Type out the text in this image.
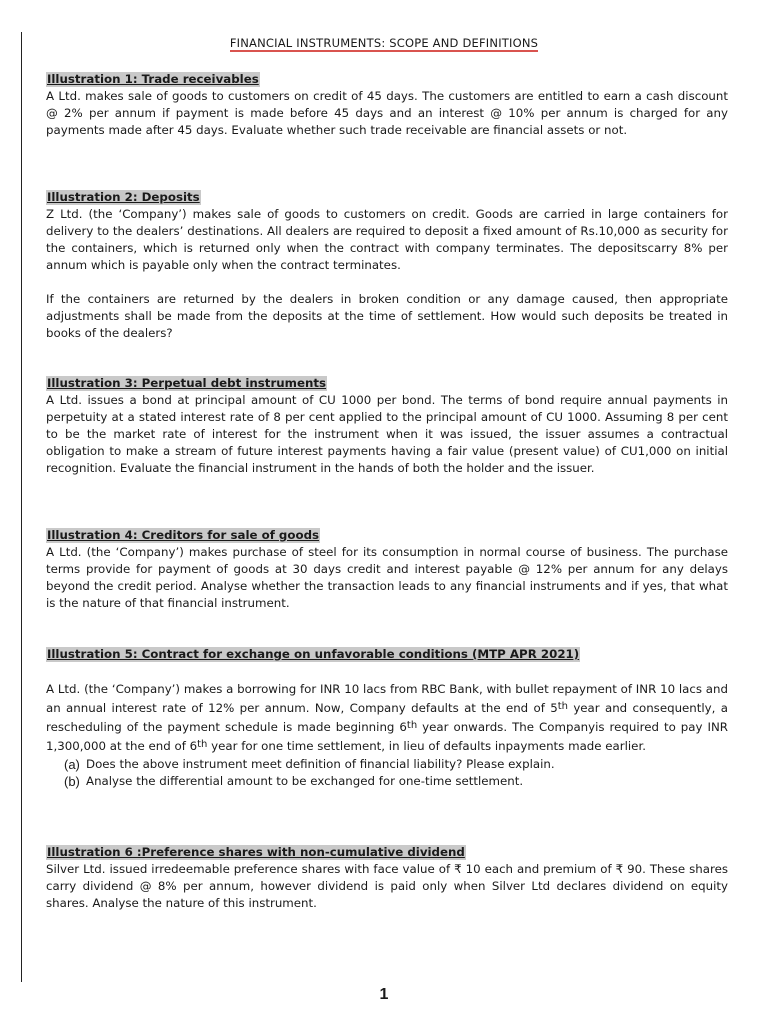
FINANCIAL INSTRUMENTS: SCOPE AND DEFINITIONS
Illustration 1: Trade receivables

A Ltd. makes sale of goods to customers on credit of 45 days. The customers are entitled to earn a cash discount @ 2% per annum if payment is made before 45 days and an interest @ 10% per annum is charged for any payments made after 45 days. Evaluate whether such trade receivable are financial assets or not.

Illustration 2: Deposits

Z Ltd. (the ‘Company’) makes sale of goods to customers on credit. Goods are carried in large containers for delivery to the dealers’ destinations. All dealers are required to deposit a fixed amount of Rs.10,000 as security for the containers, which is returned only when the contract with company terminates. The depositscarry 8% per annum which is payable only when the contract terminates.

If the containers are returned by the dealers in broken condition or any damage caused, then appropriate adjustments shall be made from the deposits at the time of settlement. How would such deposits be treated in books of the dealers?

Illustration 3: Perpetual debt instruments

A Ltd. issues a bond at principal amount of CU 1000 per bond. The terms of bond require annual payments in perpetuity at a stated interest rate of 8 per cent applied to the principal amount of CU 1000. Assuming 8 per cent to be the market rate of interest for the instrument when it was issued, the issuer assumes a contractual obligation to make a stream of future interest payments having a fair value (present value) of CU1,000 on initial recognition. Evaluate the financial instrument in the hands of both the holder and the issuer.

Illustration 4: Creditors for sale of goods

A Ltd. (the ‘Company’) makes purchase of steel for its consumption in normal course of business. The purchase terms provide for payment of goods at 30 days credit and interest payable @ 12% per annum for any delays beyond the credit period. Analyse whether the transaction leads to any financial instruments and if yes, that what is the nature of that financial instrument.

Illustration 5: Contract for exchange on unfavorable conditions (MTP APR 2021)

A Ltd. (the ‘Company’) makes a borrowing for INR 10 lacs from RBC Bank, with bullet repayment of INR 10 lacs and an annual interest rate of 12% per annum. Now, Company defaults at the end of 5th year and consequently, a rescheduling of the payment schedule is made beginning 6th year onwards. The Companyis required to pay INR 1,300,000 at the end of 6th year for one time settlement, in lieu of defaults inpayments made earlier.

(a) Does the above instrument meet definition of financial liability? Please explain.
(b) Analyse the differential amount to be exchanged for one-time settlement.
Illustration 6 :Preference shares with non-cumulative dividend

Silver Ltd. issued irredeemable preference shares with face value of ₹ 10 each and premium of ₹ 90. These shares carry dividend @ 8% per annum, however dividend is paid only when Silver Ltd declares dividend on equity shares. Analyse the nature of this instrument.

1
